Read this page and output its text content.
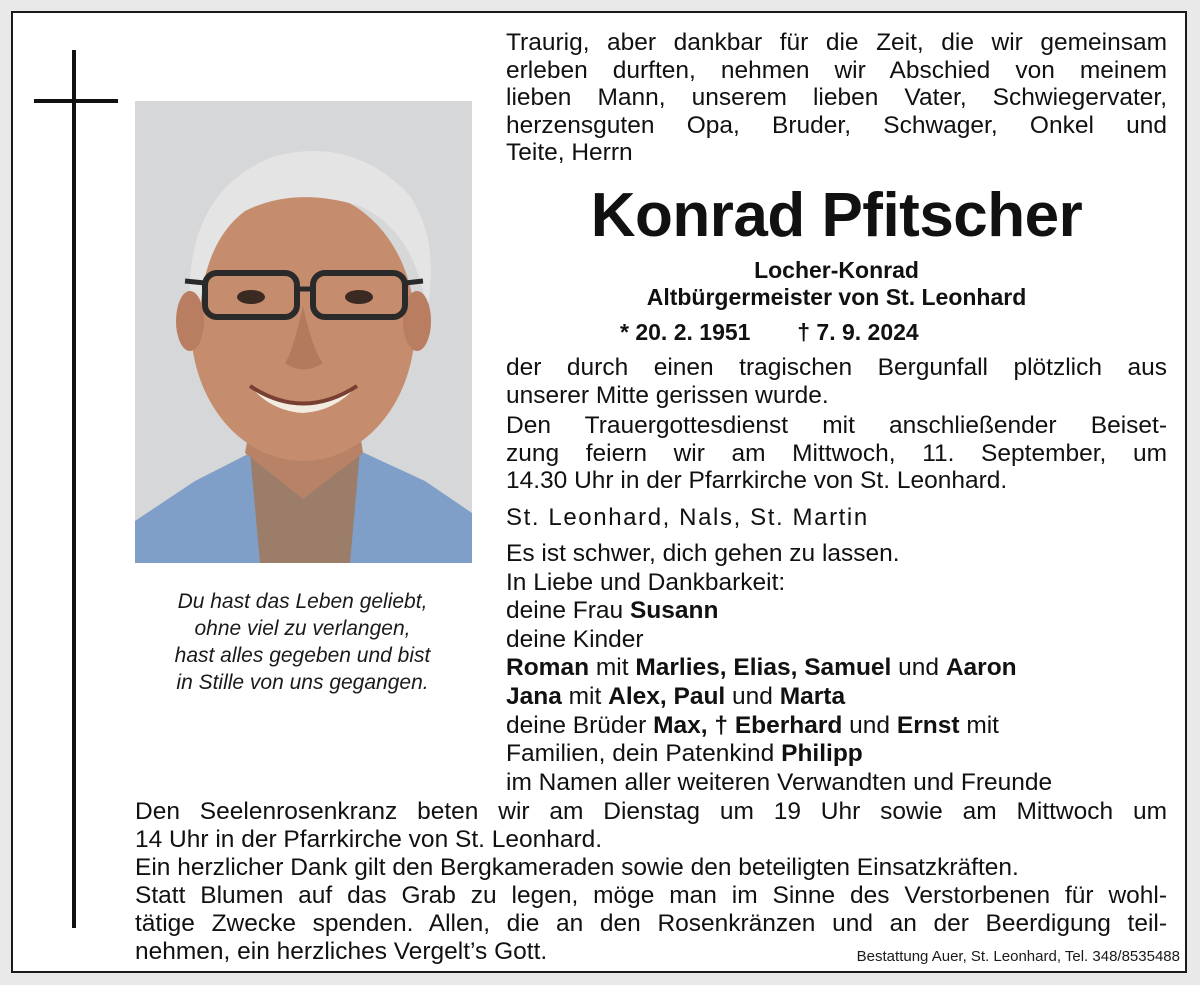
Du hast das Leben geliebt,
ohne viel zu verlangen,
hast alles gegeben und bist
in Stille von uns gegangen.
Traurig, aber dankbar für die Zeit, die wir gemeinsam
erleben durften, nehmen wir Abschied von meinem
lieben Mann, unserem lieben Vater, Schwiegervater,
herzensguten Opa, Bruder, Schwager, Onkel und
Teite, Herrn
Konrad Pfitscher
Locher-Konrad
Altbürgermeister von St. Leonhard
* 20. 2. 1951 † 7. 9. 2024
der durch einen tragischen Bergunfall plötzlich aus
unserer Mitte gerissen wurde.
Den Trauergottesdienst mit anschließender Beiset-
zung feiern wir am Mittwoch, 11. September, um
14.30 Uhr in der Pfarrkirche von St. Leonhard.
St. Leonhard, Nals, St. Martin
Es ist schwer, dich gehen zu lassen.
In Liebe und Dankbarkeit:
deine Frau Susann
deine Kinder
Roman mit Marlies, Elias, Samuel und Aaron
Jana mit Alex, Paul und Marta
deine Brüder Max, † Eberhard und Ernst mit
Familien, dein Patenkind Philipp
im Namen aller weiteren Verwandten und Freunde
Den Seelenrosenkranz beten wir am Dienstag um 19 Uhr sowie am Mittwoch um
14 Uhr in der Pfarrkirche von St. Leonhard.
Ein herzlicher Dank gilt den Bergkameraden sowie den beteiligten Einsatzkräften.
Statt Blumen auf das Grab zu legen, möge man im Sinne des Verstorbenen für wohl-
tätige Zwecke spenden. Allen, die an den Rosenkränzen und an der Beerdigung teil-
nehmen, ein herzliches Vergelt’s Gott.	Bestattung Auer, St. Leonhard, Tel. 348/8535488
